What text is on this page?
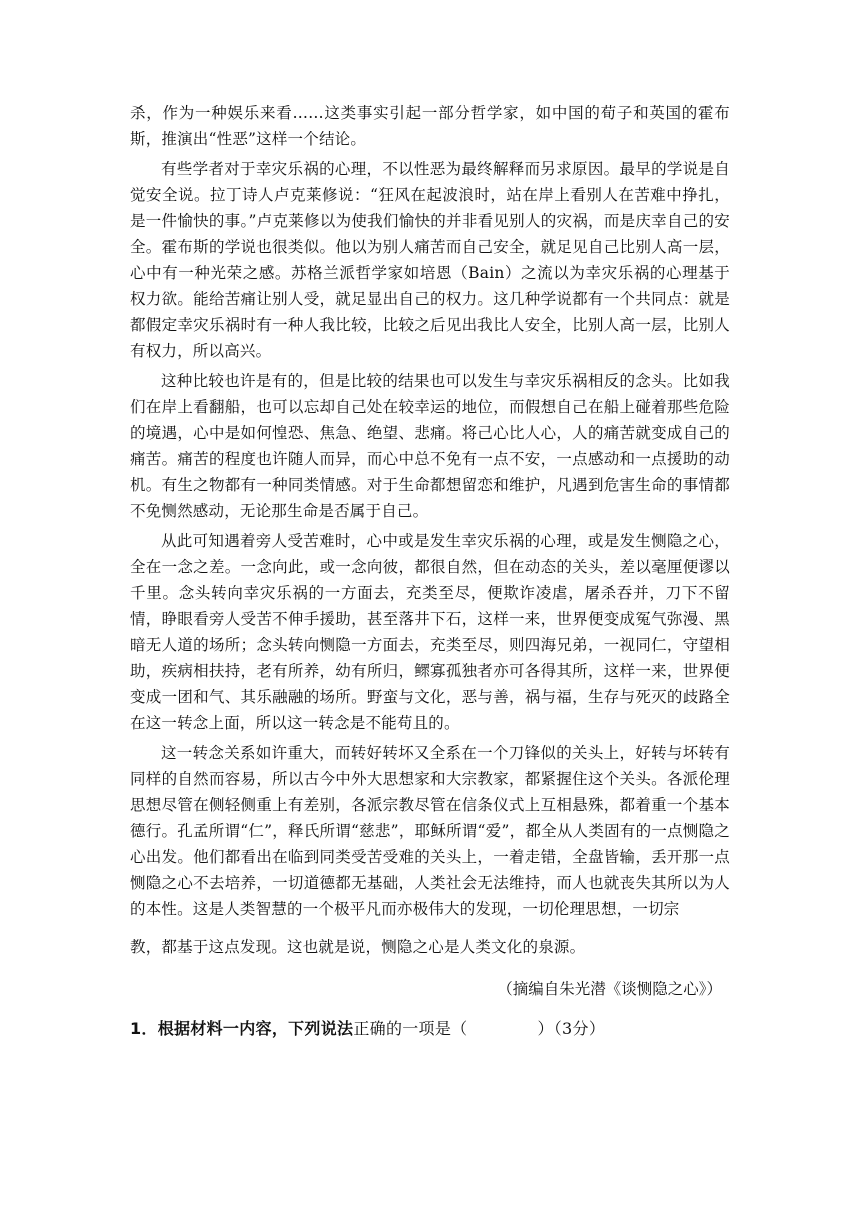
杀，作为一种娱乐来看……这类事实引起一部分哲学家，如中国的荀子和英国的霍布斯，推演出“性恶”这样一个结论。

有些学者对于幸灾乐祸的心理，不以性恶为最终解释而另求原因。最早的学说是自觉安全说。拉丁诗人卢克莱修说：“狂风在起波浪时，站在岸上看别人在苦难中挣扎，是一件愉快的事。”卢克莱修以为使我们愉快的并非看见别人的灾祸，而是庆幸自己的安全。霍布斯的学说也很类似。他以为别人痛苦而自己安全，就足见自己比别人高一层，心中有一种光荣之感。苏格兰派哲学家如培恩（Bain）之流以为幸灾乐祸的心理基于权力欲。能给苦痛让别人受，就足显出自己的权力。这几种学说都有一个共同点：就是都假定幸灾乐祸时有一种人我比较，比较之后见出我比人安全，比别人高一层，比别人有权力，所以高兴。

这种比较也许是有的，但是比较的结果也可以发生与幸灾乐祸相反的念头。比如我们在岸上看翻船，也可以忘却自己处在较幸运的地位，而假想自己在船上碰着那些危险的境遇，心中是如何惶恐、焦急、绝望、悲痛。将己心比人心，人的痛苦就变成自己的痛苦。痛苦的程度也许随人而异，而心中总不免有一点不安，一点感动和一点援助的动机。有生之物都有一种同类情感。对于生命都想留恋和维护，凡遇到危害生命的事情都不免恻然感动，无论那生命是否属于自己。

从此可知遇着旁人受苦难时，心中或是发生幸灾乐祸的心理，或是发生恻隐之心，全在一念之差。一念向此，或一念向彼，都很自然，但在动态的关头，差以毫厘便谬以千里。念头转向幸灾乐祸的一方面去，充类至尽，便欺诈凌虐，屠杀吞并，刀下不留情，睁眼看旁人受苦不伸手援助，甚至落井下石，这样一来，世界便变成冤气弥漫、黑暗无人道的场所；念头转向恻隐一方面去，充类至尽，则四海兄弟，一视同仁，守望相助，疾病相扶持，老有所养，幼有所归，鳏寡孤独者亦可各得其所，这样一来，世界便变成一团和气、其乐融融的场所。野蛮与文化，恶与善，祸与福，生存与死灭的歧路全在这一转念上面，所以这一转念是不能苟且的。

这一转念关系如许重大，而转好转坏又全系在一个刀锋似的关头上，好转与坏转有同样的自然而容易，所以古今中外大思想家和大宗教家，都紧握住这个关头。各派伦理思想尽管在侧轻侧重上有差别，各派宗教尽管在信条仪式上互相悬殊，都着重一个基本德行。孔孟所谓“仁”，释氏所谓“慈悲”，耶稣所谓“爱”，都全从人类固有的一点恻隐之心出发。他们都看出在临到同类受苦受难的关头上，一着走错，全盘皆输，丢开那一点恻隐之心不去培养，一切道德都无基础，人类社会无法维持，而人也就丧失其所以为人的本性。这是人类智慧的一个极平凡而亦极伟大的发现，一切伦理思想，一切宗

教，都基于这点发现。这也就是说，恻隐之心是人类文化的泉源。

（摘编自朱光潜《谈恻隐之心》）

1．根据材料一内容，下列说法正确的一项是（	）（3分）
